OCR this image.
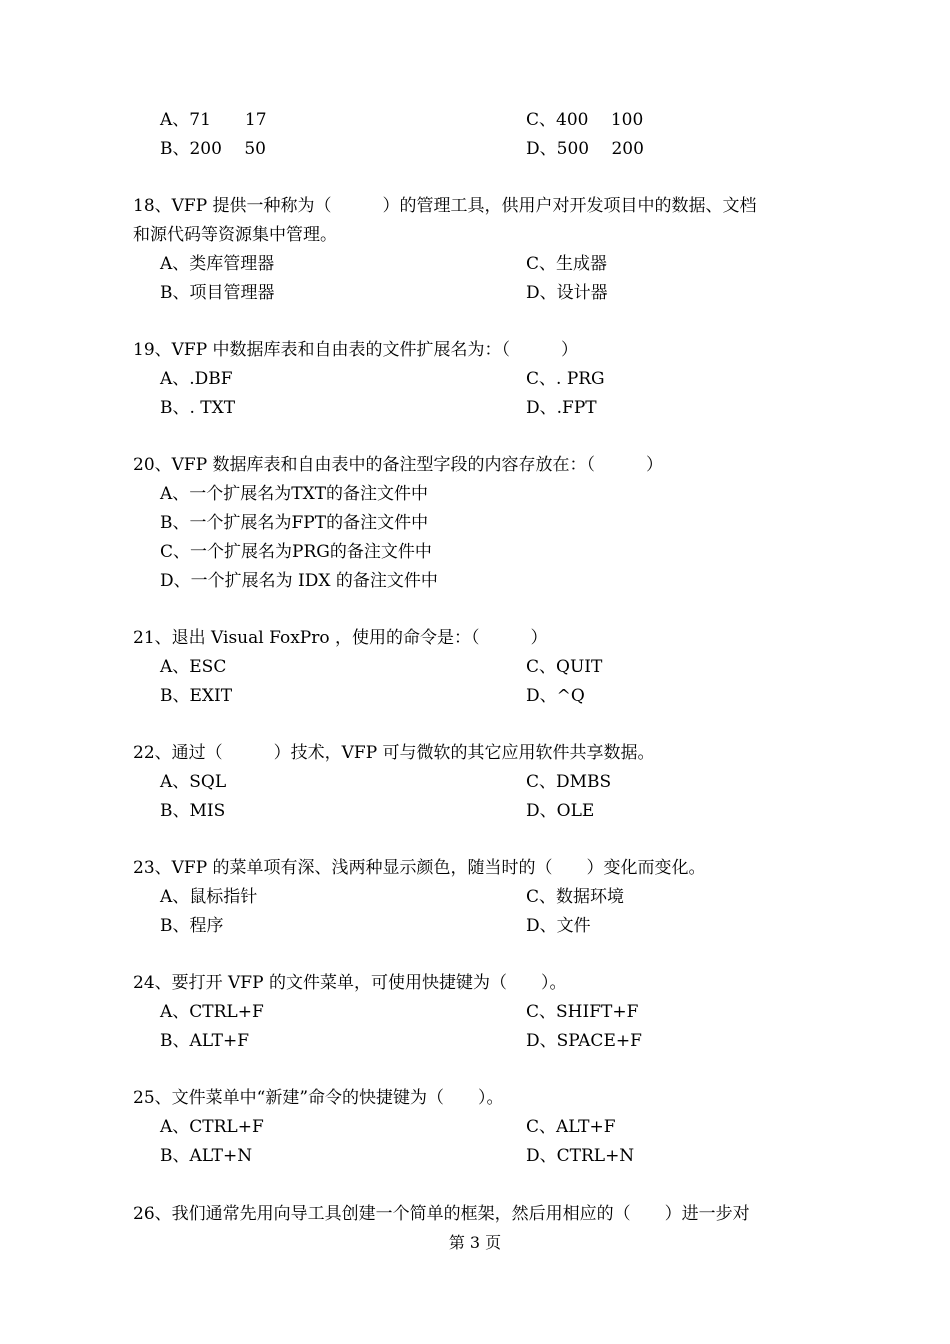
A、71　　17	C、400　 100
B、200　 50	D、500　 200
18、VFP 提供一种称为（　　　）的管理工具，供用户对开发项目中的数据、文档
和源代码等资源集中管理。
A、类库管理器	C、生成器
B、项目管理器	D、设计器
19、VFP 中数据库表和自由表的文件扩展名为：（　　　）
A、.DBF	C、. PRG
B、. TXT	D、.FPT
20、VFP 数据库表和自由表中的备注型字段的内容存放在：（　　　）
A、一个扩展名为TXT的备注文件中
B、一个扩展名为FPT的备注文件中
C、一个扩展名为PRG的备注文件中
D、一个扩展名为 IDX 的备注文件中
21、退出 Visual FoxPro ，使用的命令是：（　　　）
A、ESC	C、QUIT
B、EXIT	D、^Q
22、通过（　　　）技术，VFP 可与微软的其它应用软件共享数据。
A、SQL	C、DMBS
B、MIS	D、OLE
23、VFP 的菜单项有深、浅两种显示颜色，随当时的（　　）变化而变化。
A、鼠标指针	C、数据环境
B、程序	D、文件
24、要打开 VFP 的文件菜单，可使用快捷键为（　　）。
A、CTRL+F	C、SHIFT+F
B、ALT+F	D、SPACE+F
25、文件菜单中“新建”命令的快捷键为（　　）。
A、CTRL+F	C、ALT+F
B、ALT+N	D、CTRL+N
26、我们通常先用向导工具创建一个简单的框架，然后用相应的（　　）进一步对
第 3 页
